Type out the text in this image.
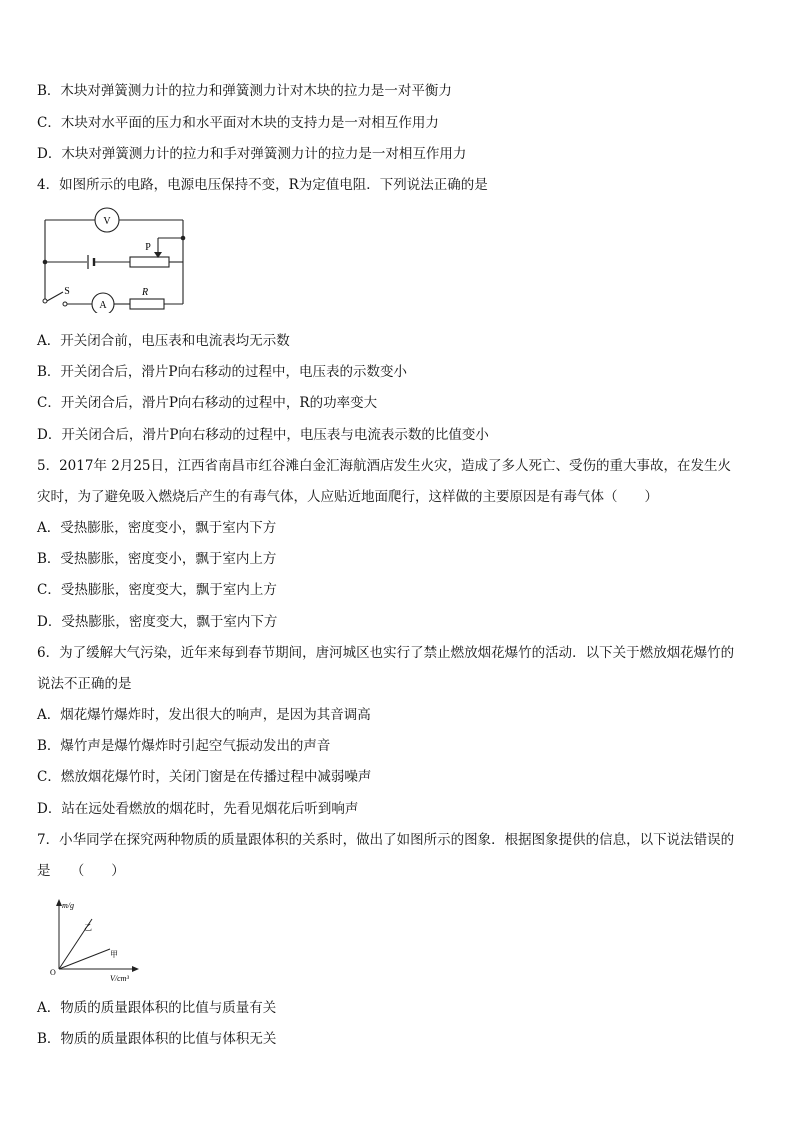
B．木块对弹簧测力计的拉力和弹簧测力计对木块的拉力是一对平衡力
C．木块对水平面的压力和水平面对木块的支持力是一对相互作用力
D．木块对弹簧测力计的拉力和手对弹簧测力计的拉力是一对相互作用力
4．如图所示的电路，电源电压保持不变，R为定值电阻．下列说法正确的是
V
A
P
S	R
A．开关闭合前，电压表和电流表均无示数
B．开关闭合后，滑片P向右移动的过程中，电压表的示数变小
C．开关闭合后，滑片P向右移动的过程中，R的功率变大
D．开关闭合后，滑片P向右移动的过程中，电压表与电流表示数的比值变小
5．2017年 2月25日，江西省南昌市红谷滩白金汇海航酒店发生火灾，造成了多人死亡、受伤的重大事故，在发生火
灾时，为了避免吸入燃烧后产生的有毒气体，人应贴近地面爬行，这样做的主要原因是有毒气体（　　）
A．受热膨胀，密度变小，飘于室内下方
B．受热膨胀，密度变小，飘于室内上方
C．受热膨胀，密度变大，飘于室内上方
D．受热膨胀，密度变大，飘于室内下方
6．为了缓解大气污染，近年来每到春节期间，唐河城区也实行了禁止燃放烟花爆竹的活动．以下关于燃放烟花爆竹的
说法不正确的是
A．烟花爆竹爆炸时，发出很大的响声，是因为其音调高
B．爆竹声是爆竹爆炸时引起空气振动发出的声音
C．燃放烟花爆竹时，关闭门窗是在传播过程中减弱噪声
D．站在远处看燃放的烟花时，先看见烟花后听到响声
7．小华同学在探究两种物质的质量跟体积的关系时，做出了如图所示的图象．根据图象提供的信息，以下说法错误的
是　　（　　）
m/g
V/cm³
O
乙
甲
A．物质的质量跟体积的比值与质量有关
B．物质的质量跟体积的比值与体积无关
